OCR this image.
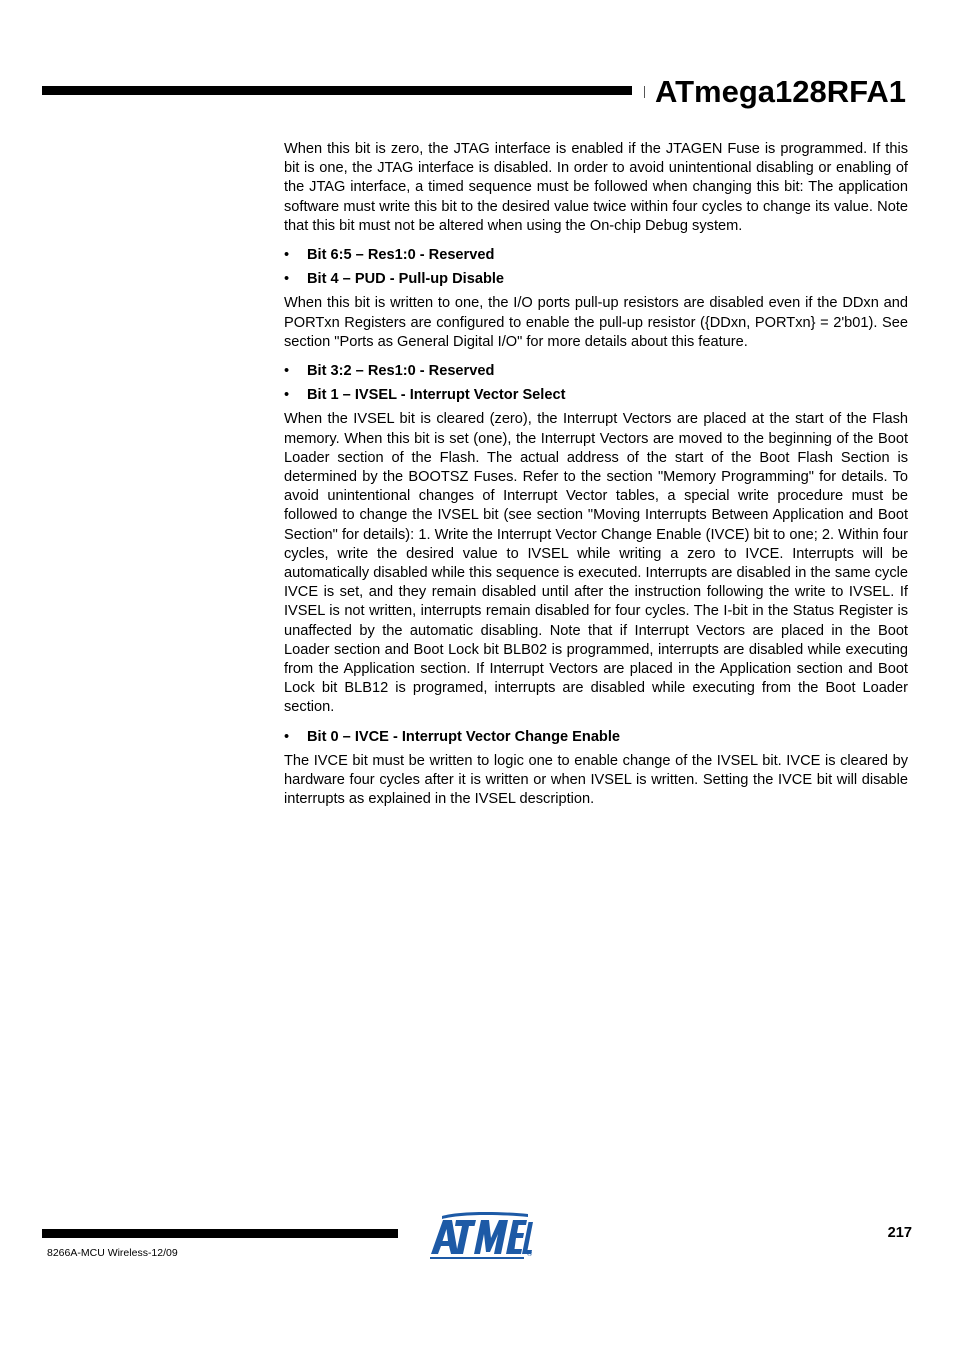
ATmega128RFA1

When this bit is zero, the JTAG interface is enabled if the JTAGEN Fuse is programmed. If this bit is one, the JTAG interface is disabled. In order to avoid unintentional disabling or enabling of the JTAG interface, a timed sequence must be followed when changing this bit: The application software must write this bit to the desired value twice within four cycles to change its value. Note that this bit must not be altered when using the On-chip Debug system.

• Bit 6:5 – Res1:0 - Reserved
• Bit 4 – PUD - Pull-up Disable

When this bit is written to one, the I/O ports pull-up resistors are disabled even if the DDxn and PORTxn Registers are configured to enable the pull-up resistor ({DDxn, PORTxn} = 2'b01). See section "Ports as General Digital I/O" for more details about this feature.

• Bit 3:2 – Res1:0 - Reserved
• Bit 1 – IVSEL - Interrupt Vector Select

When the IVSEL bit is cleared (zero), the Interrupt Vectors are placed at the start of the Flash memory. When this bit is set (one), the Interrupt Vectors are moved to the beginning of the Boot Loader section of the Flash. The actual address of the start of the Boot Flash Section is determined by the BOOTSZ Fuses. Refer to the section "Memory Programming" for details. To avoid unintentional changes of Interrupt Vector tables, a special write procedure must be followed to change the IVSEL bit (see section "Moving Interrupts Between Application and Boot Section" for details): 1. Write the Interrupt Vector Change Enable (IVCE) bit to one; 2. Within four cycles, write the desired value to IVSEL while writing a zero to IVCE. Interrupts will be automatically disabled while this sequence is executed. Interrupts are disabled in the same cycle IVCE is set, and they remain disabled until after the instruction following the write to IVSEL. If IVSEL is not written, interrupts remain disabled for four cycles. The I-bit in the Status Register is unaffected by the automatic disabling. Note that if Interrupt Vectors are placed in the Boot Loader section and Boot Lock bit BLB02 is programmed, interrupts are disabled while executing from the Application section. If Interrupt Vectors are placed in the Application section and Boot Lock bit BLB12 is programed, interrupts are disabled while executing from the Boot Loader section.

• Bit 0 – IVCE - Interrupt Vector Change Enable

The IVCE bit must be written to logic one to enable change of the IVSEL bit. IVCE is cleared by hardware four cycles after it is written or when IVSEL is written. Setting the IVCE bit will disable interrupts as explained in the IVSEL description.

®
217
8266A-MCU Wireless-12/09
